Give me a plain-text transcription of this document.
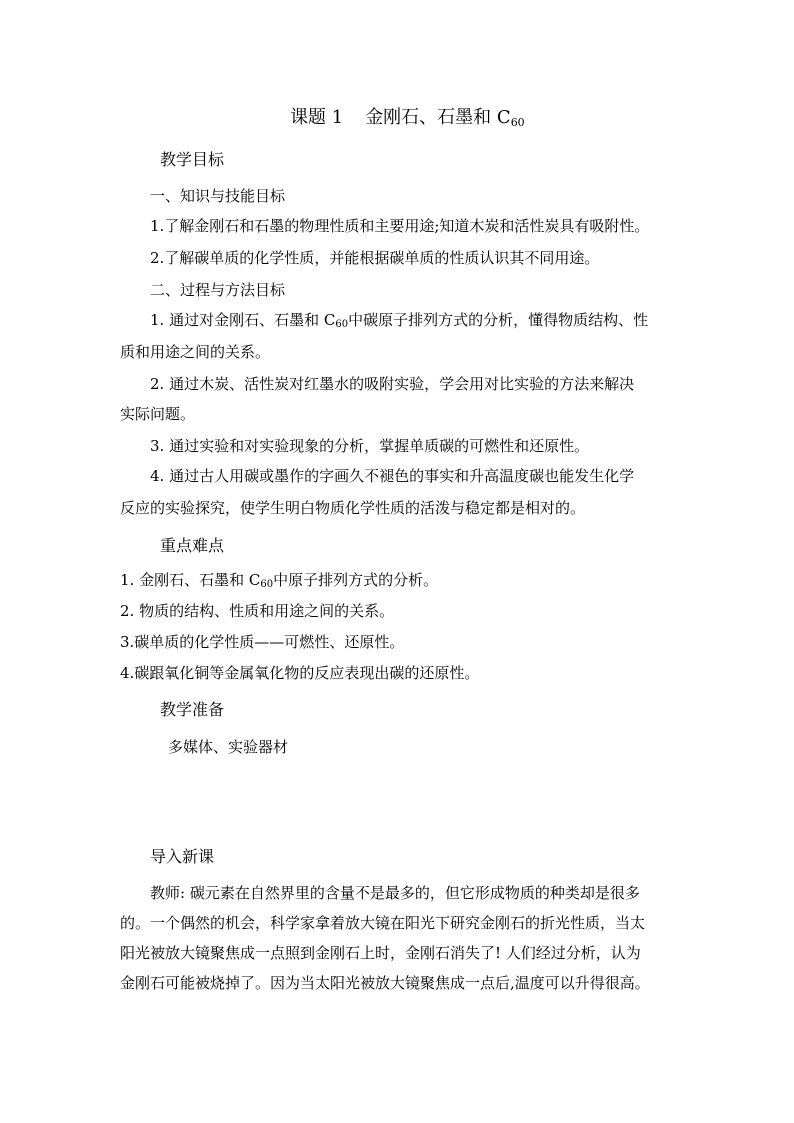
课题 1 金刚石、石墨和 $C_{60}$
教学目标
一、知识与技能目标
1.了解金刚石和石墨的物理性质和主要用途;知道木炭和活性炭具有吸附性。
2.了解碳单质的化学性质，并能根据碳单质的性质认识其不同用途。
二、过程与方法目标
1. 通过对金刚石、石墨和 $C_{60}$中碳原子排列方式的分析，懂得物质结构、性
质和用途之间的关系。
2. 通过木炭、活性炭对红墨水的吸附实验，学会用对比实验的方法来解决
实际问题。
3. 通过实验和对实验现象的分析，掌握单质碳的可燃性和还原性。
4. 通过古人用碳或墨作的字画久不褪色的事实和升高温度碳也能发生化学
反应的实验探究，使学生明白物质化学性质的活泼与稳定都是相对的。
重点难点
1. 金刚石、石墨和 $C_{60}$中原子排列方式的分析。
2. 物质的结构、性质和用途之间的关系。
3.碳单质的化学性质——可燃性、还原性。
4.碳跟氧化铜等金属氧化物的反应表现出碳的还原性。
教学准备
多媒体、实验器材
导入新课
教师: 碳元素在自然界里的含量不是最多的，但它形成物质的种类却是很多
的。一个偶然的机会，科学家拿着放大镜在阳光下研究金刚石的折光性质，当太
阳光被放大镜聚焦成一点照到金刚石上时，金刚石消失了! 人们经过分析，认为
金刚石可能被烧掉了。因为当太阳光被放大镜聚焦成一点后,温度可以升得很高。
